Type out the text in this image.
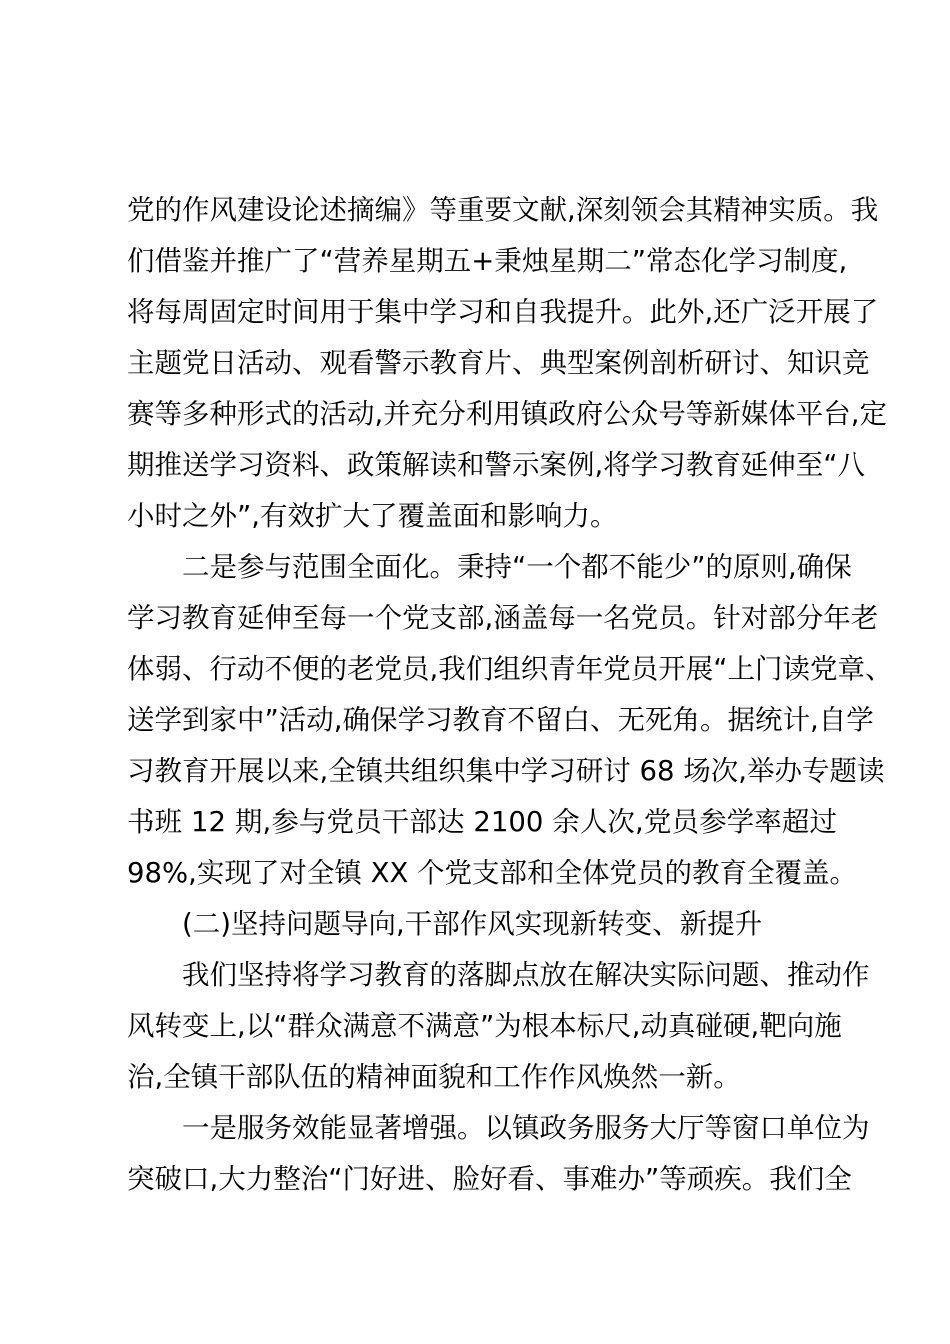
党的作风建设论述摘编》等重要文献,深刻领会其精神实质。我
们借鉴并推广了“营养星期五+秉烛星期二”常态化学习制度,
将每周固定时间用于集中学习和自我提升。此外,还广泛开展了
主题党日活动、观看警示教育片、典型案例剖析研讨、知识竞
赛等多种形式的活动,并充分利用镇政府公众号等新媒体平台,定
期推送学习资料、政策解读和警示案例,将学习教育延伸至“八
小时之外”,有效扩大了覆盖面和影响力。
二是参与范围全面化。秉持“一个都不能少”的原则,确保
学习教育延伸至每一个党支部,涵盖每一名党员。针对部分年老
体弱、行动不便的老党员,我们组织青年党员开展“上门读党章、
送学到家中”活动,确保学习教育不留白、无死角。据统计,自学
习教育开展以来,全镇共组织集中学习研讨 68 场次,举办专题读
书班 12 期,参与党员干部达 2100 余人次,党员参学率超过
98%,实现了对全镇 XX 个党支部和全体党员的教育全覆盖。
(二)坚持问题导向,干部作风实现新转变、新提升
我们坚持将学习教育的落脚点放在解决实际问题、推动作
风转变上,以“群众满意不满意”为根本标尺,动真碰硬,靶向施
治,全镇干部队伍的精神面貌和工作作风焕然一新。
一是服务效能显著增强。以镇政务服务大厅等窗口单位为
突破口,大力整治“门好进、脸好看、事难办”等顽疾。我们全
